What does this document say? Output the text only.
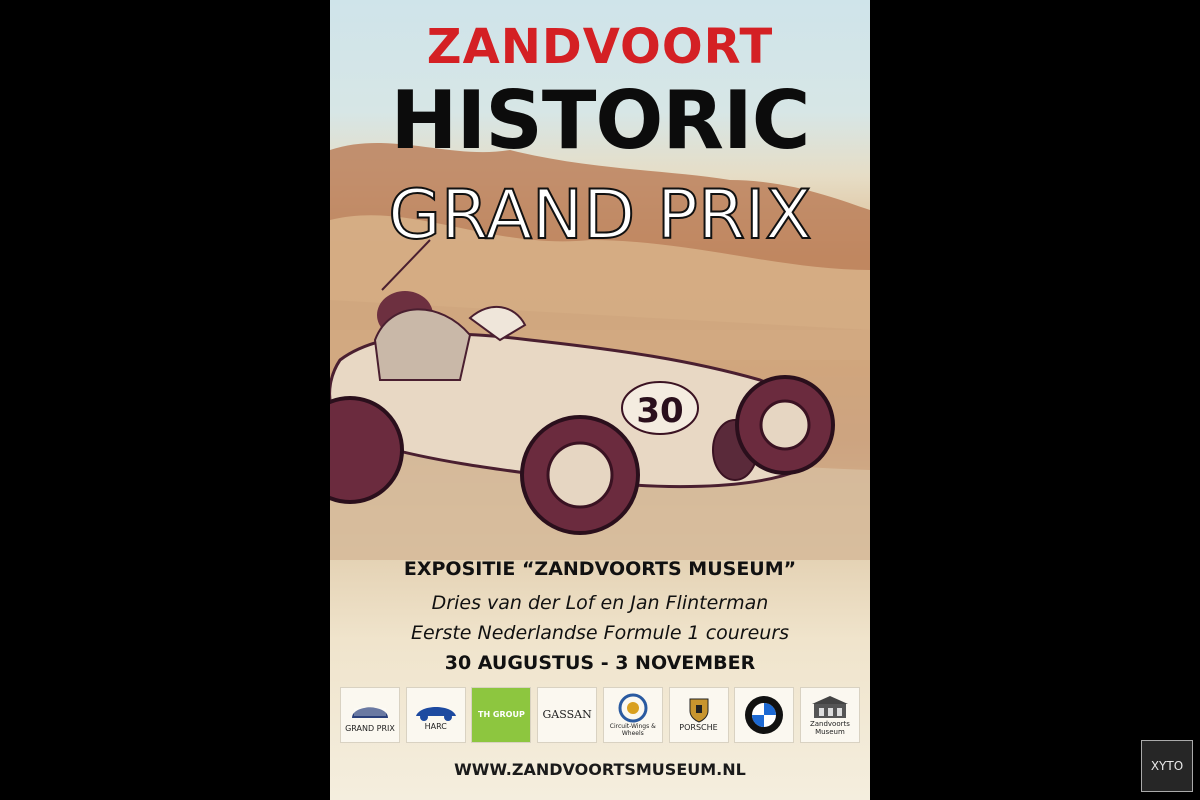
30
ZANDVOORT
HISTORIC
GRAND PRIX
EXPOSITIE “ZANDVOORTS MUSEUM”
Dries van der Lof en Jan Flinterman
Eerste Nederlandse Formule 1 coureurs
30 AUGUSTUS - 3 NOVEMBER
GRAND PRIX	HARC
TH GROUP GASSAN
Circuit-Wings & Wheels
PORSCHE	Zandvoorts Museum
WWW.ZANDVOORTSMUSEUM.NL	XYTO
